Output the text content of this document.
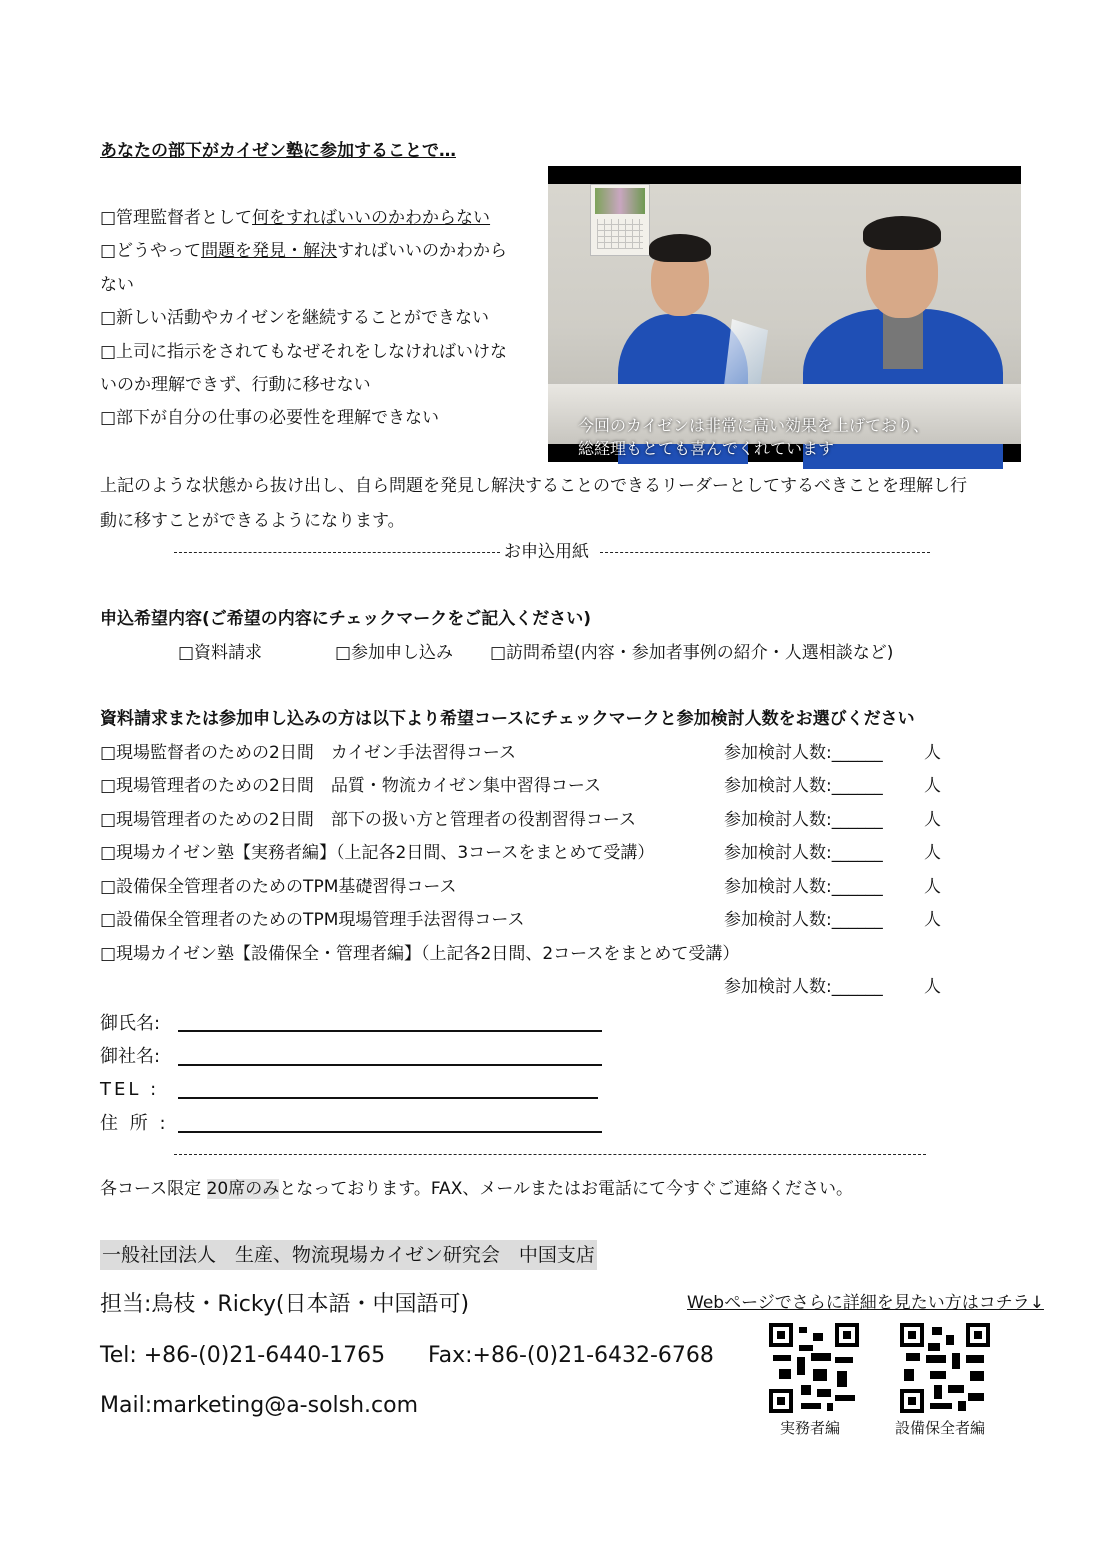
あなたの部下がカイゼン塾に参加することで…
□管理監督者として何をすればいいのかわからない
□どうやって問題を発見・解決すればいいのかわから
ない
□新しい活動やカイゼンを継続することができない
□上司に指示をされてもなぜそれをしなければいけな
いのか理解できず、行動に移せない
□部下が自分の仕事の必要性を理解できない	今回のカイゼンは非常に高い効果を上げており、
総経理もとても喜んでくれています
上記のような状態から抜け出し、自ら問題を発見し解決することのできるリーダーとしてするべきことを理解し行
動に移すことができるようになります。
お申込用紙
申込希望内容(ご希望の内容にチェックマークをご記入ください)
□資料請求	□参加申し込み □訪問希望(内容・参加者事例の紹介・人選相談など)
資料請求または参加申し込みの方は以下より希望コースにチェックマークと参加検討人数をお選びください
□現場監督者のための2日間　カイゼン手法習得コース	参加検討人数:______ 人
□現場管理者のための2日間　品質・物流カイゼン集中習得コース	参加検討人数:______ 人
□現場管理者のための2日間　部下の扱い方と管理者の役割習得コース	参加検討人数:______ 人
□現場カイゼン塾【実務者編】（上記各2日間、3コースをまとめて受講）	参加検討人数:______ 人
□設備保全管理者のためのTPM基礎習得コース	参加検討人数:______ 人
□設備保全管理者のためのTPM現場管理手法習得コース	参加検討人数:______ 人
□現場カイゼン塾【設備保全・管理者編】（上記各2日間、2コースをまとめて受講）
参加検討人数:______ 人
御氏名:
御社名:
TEL :
住 所 :
各コース限定 20席のみとなっております。FAX、メールまたはお電話にて今すぐご連絡ください。
一般社団法人　生産、物流現場カイゼン研究会　中国支店
担当:鳥枝・Ricky(日本語・中国語可)
Tel: +86-(0)21-6440-1765 Fax:+86-(0)21-6432-6768
Mail:marketing@a-solsh.com
Webページでさらに詳細を見たい方はコチラ↓
実務者編	設備保全者編
